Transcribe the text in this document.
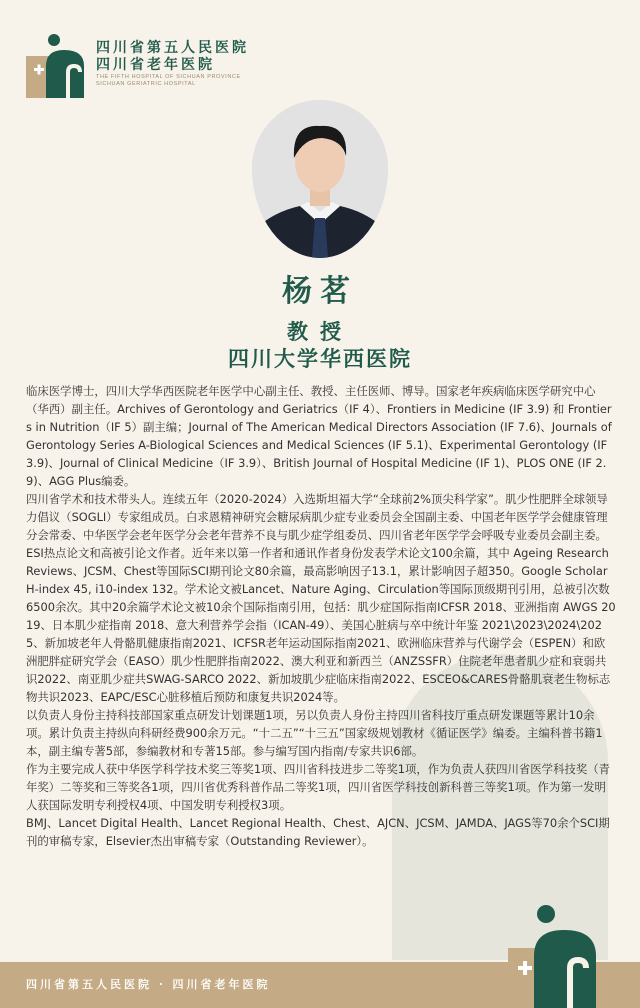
四川省第五人民医院
四川省老年医院
THE FIFTH HOSPITAL OF SICHUAN PROVINCE
SICHUAN GERIATRIC HOSPITAL
杨茗
教授
四川大学华西医院

临床医学博士，四川大学华西医院老年医学中心副主任、教授、主任医师、博导。国家老年疾病临床医学研究中心（华西）副主任。Archives of Gerontology and Geriatrics（IF 4）、Frontiers in Medicine (IF 3.9) 和 Frontiers in Nutrition（IF 5）副主编；Journal of The American Medical Directors Association (IF 7.6)、Journals of Gerontology Series A-Biological Sciences and Medical Sciences (IF 5.1)、Experimental Gerontology (IF 3.9)、Journal of Clinical Medicine（IF 3.9）、British Journal of Hospital Medicine (IF 1)、PLOS ONE (IF 2.9)、AGG Plus编委。

四川省学术和技术带头人。连续五年（2020-2024）入选斯坦福大学“全球前2%顶尖科学家”。肌少性肥胖全球领导力倡议（SOGLI）专家组成员。白求恩精神研究会糖尿病肌少症专业委员会全国副主委、中国老年医学学会健康管理分会常委、中华医学会老年医学分会老年营养不良与肌少症学组委员、四川省老年医学学会呼吸专业委员会副主委。

ESI热点论文和高被引论文作者。近年来以第一作者和通讯作者身份发表学术论文100余篇，其中 Ageing Research Reviews、JCSM、Chest等国际SCI期刊论文80余篇，最高影响因子13.1，累计影响因子超350。Google Scholar H-index 45, i10-index 132。学术论文被Lancet、Nature Aging、Circulation等国际顶级期刊引用，总被引次数6500余次。其中20余篇学术论文被10余个国际指南引用，包括：肌少症国际指南ICFSR 2018、亚洲指南 AWGS 2019、日本肌少症指南 2018、意大利营养学会指（ICAN-49）、美国心脏病与卒中统计年鉴 2021\2023\2024\2025、新加坡老年人骨骼肌健康指南2021、ICFSR老年运动国际指南2021、欧洲临床营养与代谢学会（ESPEN）和欧洲肥胖症研究学会（EASO）肌少性肥胖指南2022、澳大利亚和新西兰（ANZSSFR）住院老年患者肌少症和衰弱共识2022、南亚肌少症共SWAG-SARCO 2022、新加坡肌少症临床指南2022、ESCEO&CARES骨骼肌衰老生物标志物共识2023、EAPC/ESC心脏移植后预防和康复共识2024等。

以负责人身份主持科技部国家重点研发计划课题1项，另以负责人身份主持四川省科技厅重点研发课题等累计10余项。累计负责主持纵向科研经费900余万元。“十二五”“十三五”国家级规划教材《循证医学》编委。主编科普书籍1本，副主编专著5部，参编教材和专著15部。参与编写国内指南/专家共识6部。

作为主要完成人获中华医学科学技术奖三等奖1项、四川省科技进步二等奖1项，作为负责人获四川省医学科技奖（青年奖）二等奖和三等奖各1项，四川省优秀科普作品二等奖1项，四川省医学科技创新科普三等奖1项。作为第一发明人获国际发明专利授权4项、中国发明专利授权3项。

BMJ、Lancet Digital Health、Lancet Regional Health、Chest、AJCN、JCSM、JAMDA、JAGS等70余个SCI期刊的审稿专家，Elsevier杰出审稿专家（Outstanding Reviewer）。

四川省第五人民医院 · 四川省老年医院
